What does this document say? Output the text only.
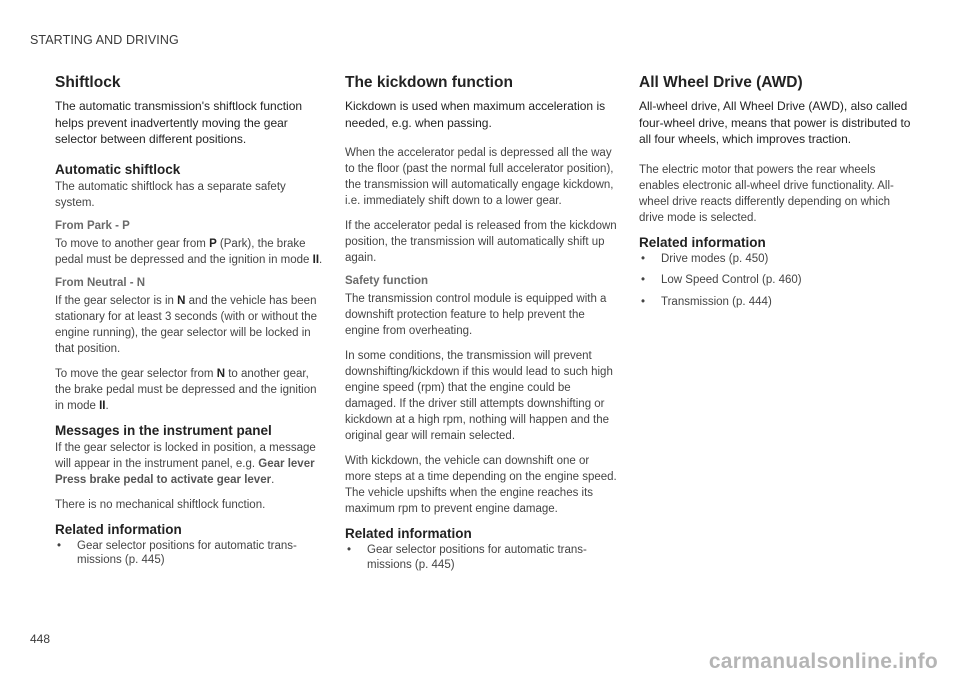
STARTING AND DRIVING
Shiftlock
The automatic transmission's shiftlock function helps prevent inadvertently moving the gear selector between different positions.
Automatic shiftlock

The automatic shiftlock has a separate safety system.

From Park - P

To move to another gear from P (Park), the brake pedal must be depressed and the ignition in mode II.

From Neutral - N

If the gear selector is in N and the vehicle has been stationary for at least 3 seconds (with or without the engine running), the gear selector will be locked in that position.

To move the gear selector from N to another gear, the brake pedal must be depressed and the ignition in mode II.

Messages in the instrument panel

If the gear selector is locked in position, a message will appear in the instrument panel, e.g. Gear lever Press brake pedal to activate gear lever.

There is no mechanical shiftlock function.

Related information
• Gear selector positions for automatic transmissions (p. 445)
The kickdown function
Kickdown is used when maximum acceleration is needed, e.g. when passing.

When the accelerator pedal is depressed all the way to the floor (past the normal full accelerator position), the transmission will automatically engage kickdown, i.e. immediately shift down to a lower gear.

If the accelerator pedal is released from the kickdown position, the transmission will automatically shift up again.

Safety function

The transmission control module is equipped with a downshift protection feature to help prevent the engine from overheating.

In some conditions, the transmission will prevent downshifting/kickdown if this would lead to such high engine speed (rpm) that the engine could be damaged. If the driver still attempts downshifting or kickdown at a high rpm, nothing will happen and the original gear will remain selected.

With kickdown, the vehicle can downshift one or more steps at a time depending on the engine speed. The vehicle upshifts when the engine reaches its maximum rpm to prevent engine damage.

Related information
• Gear selector positions for automatic transmissions (p. 445)
All Wheel Drive (AWD)
All-wheel drive, All Wheel Drive (AWD), also called four-wheel drive, means that power is distributed to all four wheels, which improves traction.

The electric motor that powers the rear wheels enables electronic all-wheel drive functionality. All-wheel drive reacts differently depending on which drive mode is selected.

Related information
• Drive modes (p. 450)
• Low Speed Control (p. 460)
• Transmission (p. 444)
448
carmanualsonline.info
